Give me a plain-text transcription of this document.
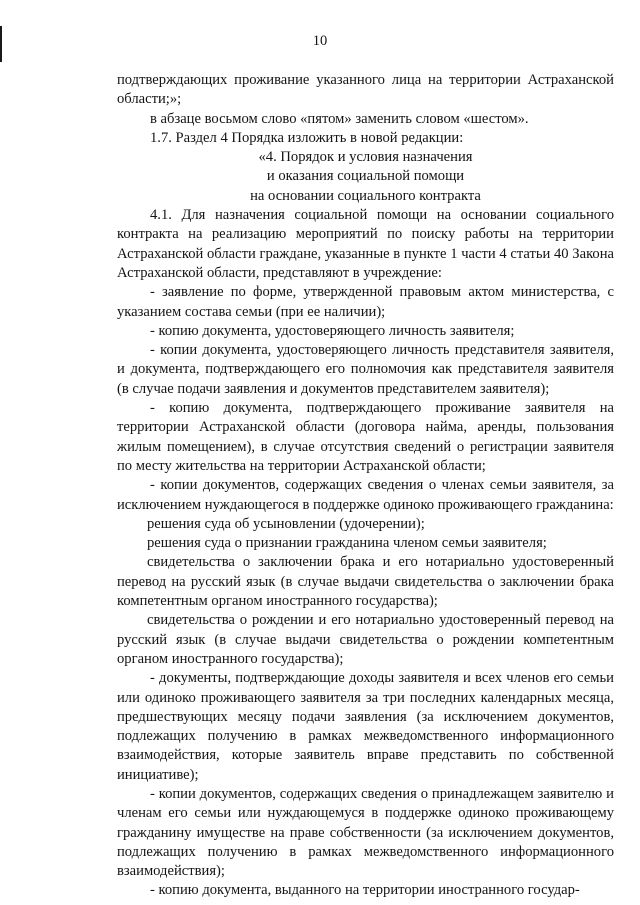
10

подтверждающих проживание указанного лица на территории Астраханской области;»;

в абзаце восьмом слово «пятом» заменить словом «шестом».

1.7. Раздел 4 Порядка изложить в новой редакции:

«4. Порядок и условия назначения

и оказания социальной помощи

на основании социального контракта

4.1. Для назначения социальной помощи на основании социального контракта на реализацию мероприятий по поиску работы на территории Астраханской области граждане, указанные в пункте 1 части 4 статьи 40 Закона Астраханской области, представляют в учреждение:

- заявление по форме, утвержденной правовым актом министерства, с указанием состава семьи (при ее наличии);

- копию документа, удостоверяющего личность заявителя;

- копии документа, удостоверяющего личность представителя заявителя, и документа, подтверждающего его полномочия как представителя заявителя (в случае подачи заявления и документов представителем заявителя);

- копию документа, подтверждающего проживание заявителя на территории Астраханской области (договора найма, аренды, пользования жилым помещением), в случае отсутствия сведений о регистрации заявителя по месту жительства на территории Астраханской области;

- копии документов, содержащих сведения о членах семьи заявителя, за исключением нуждающегося в поддержке одиноко проживающего гражданина:

решения суда об усыновлении (удочерении);

решения суда о признании гражданина членом семьи заявителя;

свидетельства о заключении брака и его нотариально удостоверенный перевод на русский язык (в случае выдачи свидетельства о заключении брака компетентным органом иностранного государства);

свидетельства о рождении и его нотариально удостоверенный перевод на русский язык (в случае выдачи свидетельства о рождении компетентным органом иностранного государства);

- документы, подтверждающие доходы заявителя и всех членов его семьи или одиноко проживающего заявителя за три последних календарных месяца, предшествующих месяцу подачи заявления (за исключением документов, подлежащих получению в рамках межведомственного информационного взаимодействия, которые заявитель вправе представить по собственной инициативе);

- копии документов, содержащих сведения о принадлежащем заявителю и членам его семьи или нуждающемуся в поддержке одиноко проживающему гражданину имуществе на праве собственности (за исключением документов, подлежащих получению в рамках межведомственного информационного взаимодействия);

- копию документа, выданного на территории иностранного государ-
